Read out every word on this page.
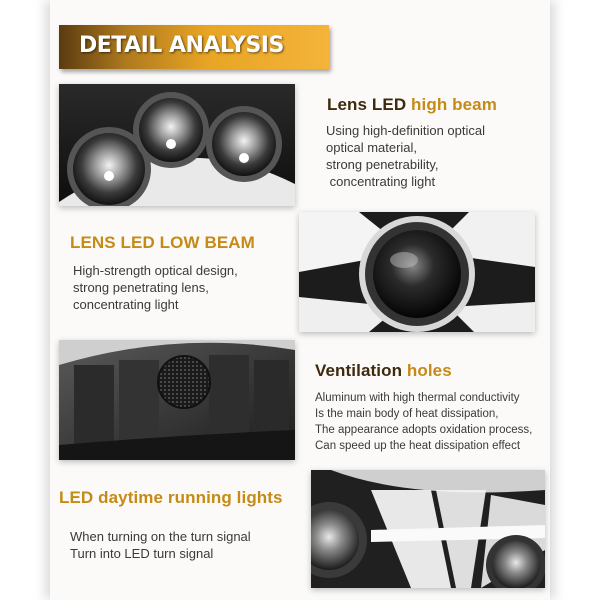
DETAIL ANALYSIS
Lens LED high beam
Using high-definition optical
optical material,
strong penetrability,
concentrating light
LENS LED LOW BEAM
High-strength optical design,
strong penetrating lens,
concentrating light
Ventilation holes
Aluminum with high thermal conductivity
Is the main body of heat dissipation,
The appearance adopts oxidation process,
Can speed up the heat dissipation effect
LED daytime running lights
When turning on the turn signal
Turn into LED turn signal
